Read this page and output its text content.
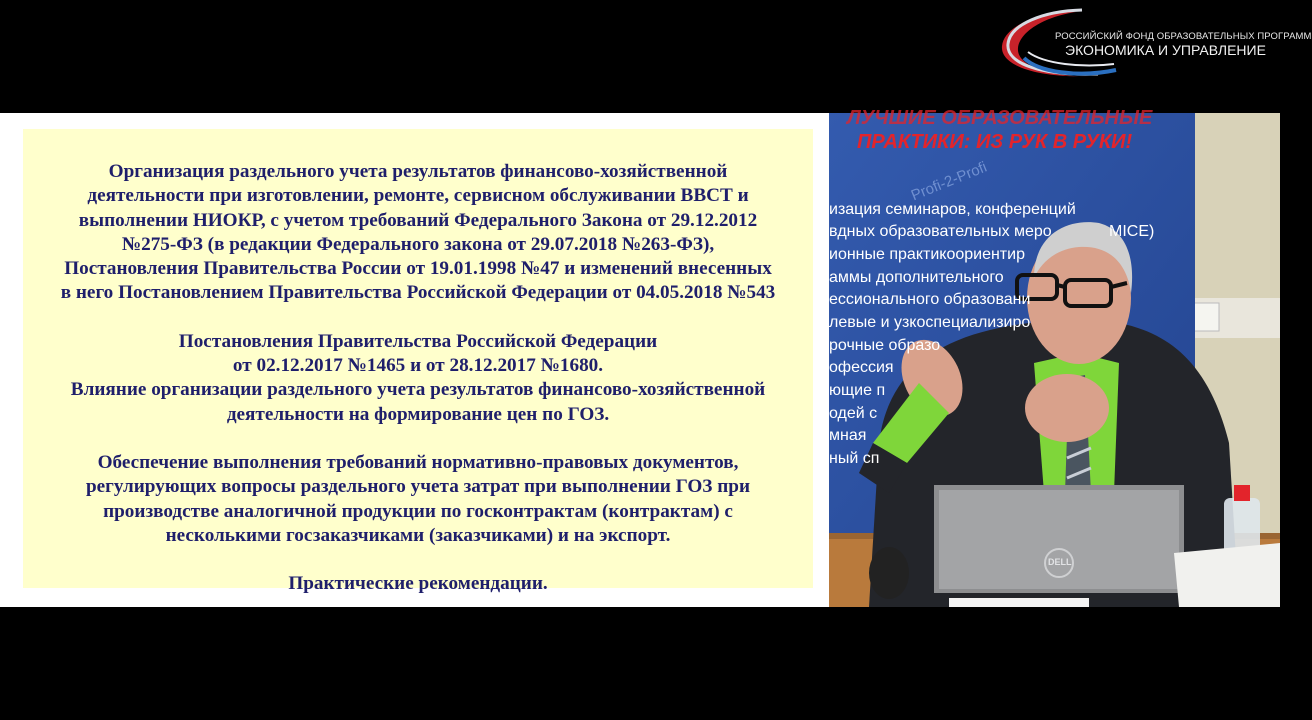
РОССИЙСКИЙ ФОНД ОБРАЗОВАТЕЛЬНЫХ ПРОГРАММ
ЭКОНОМИКА И УПРАВЛЕНИЕ
Организация раздельного учета результатов финансово-хозяйственной
деятельности при изготовлении, ремонте, сервисном обслуживании ВВСТ и
выполнении НИОКР, с учетом требований Федерального Закона от 29.12.2012
№275-ФЗ (в редакции Федерального закона от 29.07.2018 №263-ФЗ),
Постановления Правительства России от 19.01.1998 №47 и изменений внесенных
в него Постановлением Правительства Российской Федерации от 04.05.2018 №543
Постановления Правительства Российской Федерации
от 02.12.2017 №1465 и от 28.12.2017 №1680.
Влияние организации раздельного учета результатов финансово-хозяйственной
деятельности на формирование цен по ГОЗ.
Обеспечение выполнения требований нормативно-правовых документов,
регулирующих вопросы раздельного учета затрат при выполнении ГОЗ при
производстве аналогичной продукции по госконтрактам (контрактам) с
несколькими госзаказчиками (заказчиками) и на экспорт.
Практические рекомендации.
ЛУЧШИЕ ОБРАЗОВАТЕЛЬНЫЕ
ПРАКТИКИ: ИЗ РУК В РУКИ!
Profi-2-Profi
изация семинаров, конференций
вдных образовательных меро	MICE)
ионные практикоориентир
аммы дополнительного
ессионального образовани
левые и узкоспециализиро
рочные образо
офессия
ющие п
одей с
мная
ный сп
DELL
